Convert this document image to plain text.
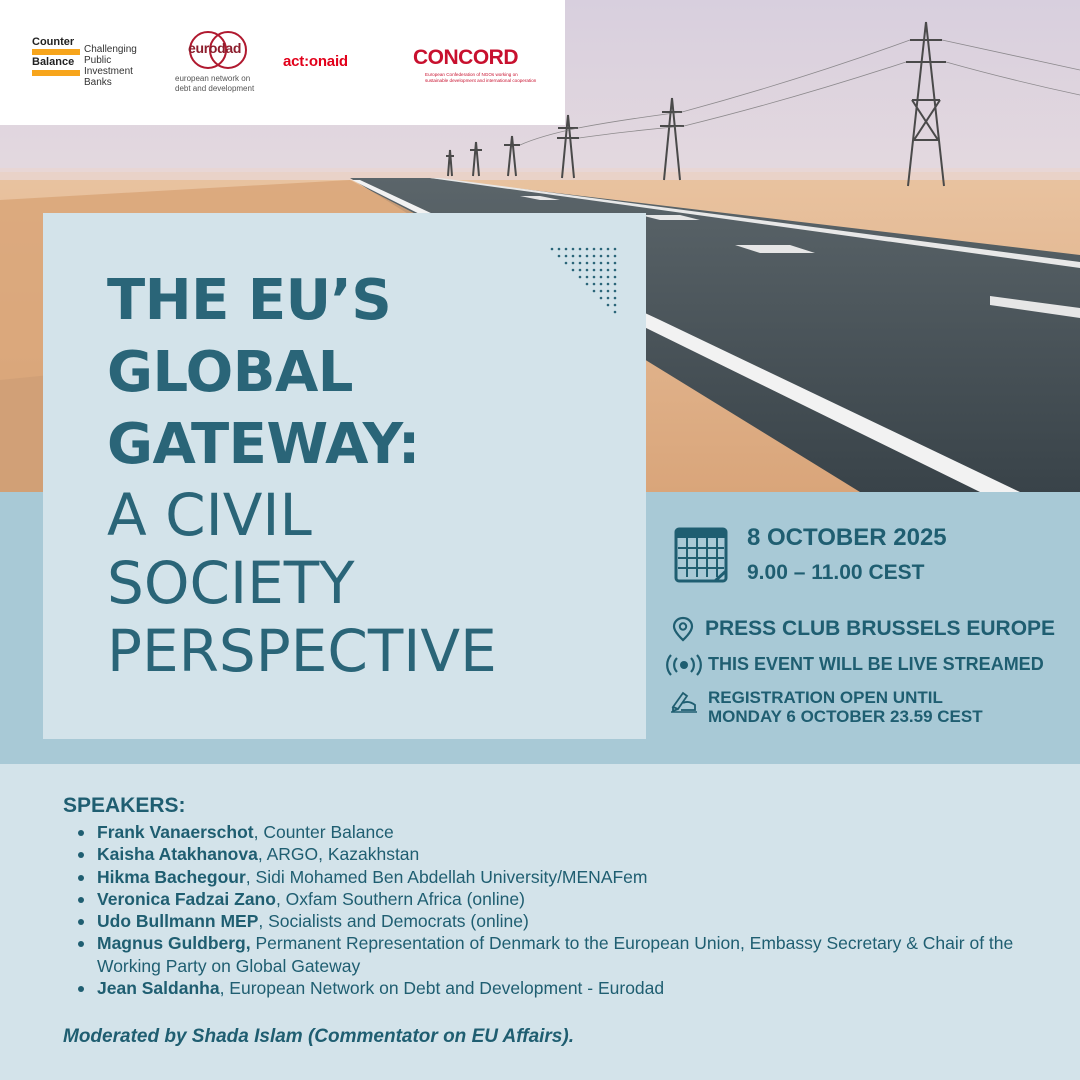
Counter
Balance
Challenging
Public
Investment
Banks
eurodad
european network on
debt and development
act:onaid	CONCORD
European Confederation of NGOs working on
sustainable development and international cooperation
THE EU’S
GLOBAL
GATEWAY:
A CIVIL
SOCIETY
PERSPECTIVE
8 OCTOBER 2025
9.00 – 11.00 CEST
PRESS CLUB BRUSSELS EUROPE
THIS EVENT WILL BE LIVE STREAMED
REGISTRATION OPEN UNTIL
MONDAY 6 OCTOBER 23.59 CEST
SPEAKERS:
Frank Vanaerschot, Counter Balance
Kaisha Atakhanova, ARGO, Kazakhstan
Hikma Bachegour, Sidi Mohamed Ben Abdellah University/MENAFem
Veronica Fadzai Zano, Oxfam Southern Africa (online)
Udo Bullmann MEP, Socialists and Democrats (online)
Magnus Guldberg, Permanent Representation of Denmark to the European Union, Embassy Secretary & Chair of the Working Party on Global Gateway
Jean Saldanha, European Network on Debt and Development - Eurodad
Moderated by Shada Islam (Commentator on EU Affairs).
